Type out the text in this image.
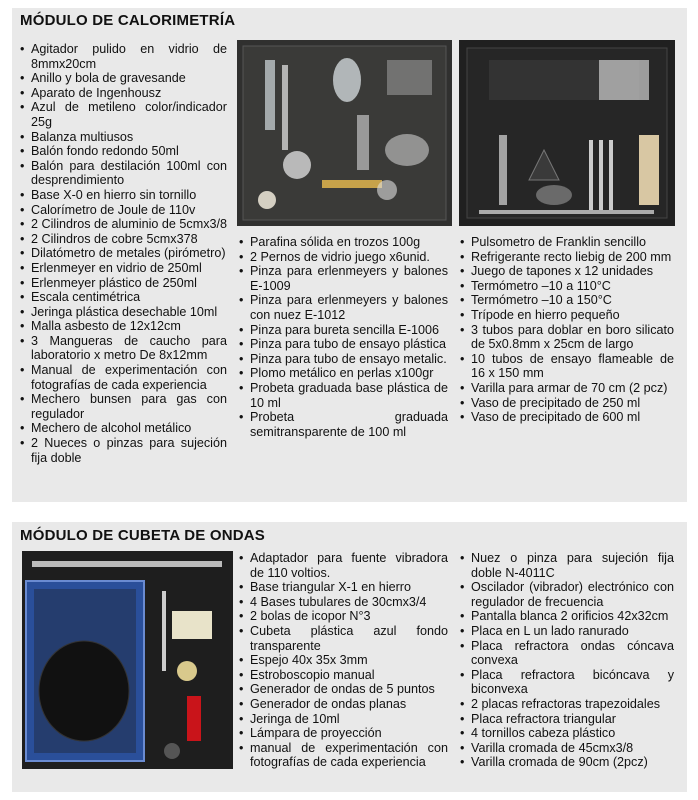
MÓDULO DE CALORIMETRÍA
• Agitador pulido en vidrio de 8mmx20cm
• Anillo y bola de gravesande
• Aparato de Ingenhousz
• Azul de metileno color/indicador 25g
• Balanza multiusos
• Balón fondo redondo 50ml
• Balón para destilación 100ml con desprendimiento
• Base X-0 en hierro sin tornillo
• Calorímetro de Joule de 110v
• 2 Cilindros de aluminio de 5cmx3/8
• 2 Cilindros de cobre 5cmx378
• Dilatómetro de metales (pirómetro)
• Erlenmeyer en vidrio de 250ml
• Erlenmeyer plástico de 250ml
• Escala centimétrica
• Jeringa plástica desechable 10ml
• Malla asbesto de 12x12cm
• 3 Mangueras de caucho para laboratorio x metro De 8x12mm
• Manual de experimentación con fotografías de cada experiencia
• Mechero bunsen para gas con regulador
• Mechero de alcohol metálico
• 2 Nueces o pinzas para sujeción fija doble
• Parafina sólida en trozos 100g
• 2 Pernos de vidrio juego x6unid.
• Pinza para erlenmeyers y balones E-1009
• Pinza para erlenmeyers y balones con nuez E-1012
• Pinza para bureta sencilla E-1006
• Pinza para tubo de ensayo plástica
• Pinza para tubo de ensayo metalic.
• Plomo metálico en perlas x100gr
• Probeta graduada base plástica de 10 ml
• Probeta graduada semitransparente de 100 ml
• Pulsometro de Franklin sencillo
• Refrigerante recto liebig de 200 mm
• Juego de tapones x 12 unidades
• Termómetro –10 a 110°C
• Termómetro –10 a 150°C
• Trípode en hierro pequeño
• 3 tubos para doblar en boro silicato de 5x0.8mm x 25cm de largo
• 10 tubos de ensayo flameable de 16 x 150 mm
• Varilla para armar de 70 cm (2 pcz)
• Vaso de precipitado de 250 ml
• Vaso de precipitado de 600 ml
MÓDULO DE CUBETA DE ONDAS
• Adaptador para fuente vibradora de 110 voltios.
• Base triangular X-1 en hierro
• 4 Bases tubulares de 30cmx3/4
• 2 bolas de icopor N°3
• Cubeta plástica azul fondo transparente
• Espejo 40x 35x 3mm
• Estroboscopio manual
• Generador de ondas de 5 puntos
• Generador de ondas planas
• Jeringa de 10ml
• Lámpara de proyección
• manual de experimentación con fotografías de cada experiencia
• Nuez o pinza para sujeción fija doble N-4011C
• Oscilador (vibrador) electrónico con regulador de frecuencia
• Pantalla blanca 2 orificios 42x32cm
• Placa en L un lado ranurado
• Placa refractora ondas cóncava convexa
• Placa refractora bicóncava y biconvexa
• 2 placas refractoras trapezoidales
• Placa refractora triangular
• 4 tornillos cabeza plástico
• Varilla cromada de 45cmx3/8
• Varilla cromada de 90cm (2pcz)
